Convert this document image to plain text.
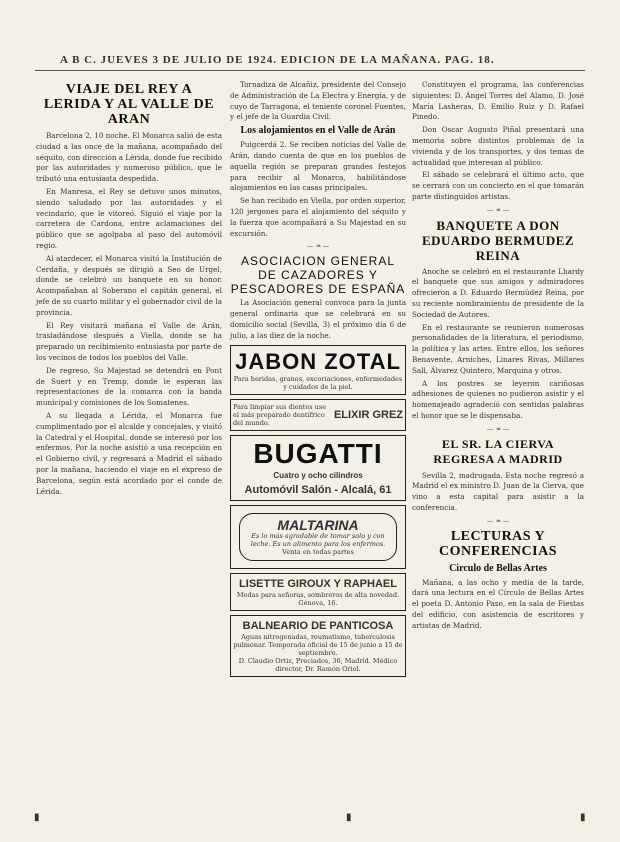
A B C. JUEVES 3 DE JULIO DE 1924. EDICION DE LA MAÑANA. PAG. 18.
VIAJE DEL REY A LERIDA Y AL VALLE DE ARAN

Barcelona 2, 10 noche. El Monarca salió de esta ciudad a las once de la mañana, acompañado del séquito, con dirección a Lérida, donde fue recibido por las autoridades y numeroso público, que le tributó una entusiasta despedida.

En Manresa, el Rey se detuvo unos minutos, siendo saludado por las autoridades y el vecindario, que le vitoreó. Siguió el viaje por la carretera de Cardona, entre aclamaciones del público que se agolpaba al paso del automóvil regio.

Al atardecer, el Monarca visitó la Institución de Cerdaña, y después se dirigió a Seo de Urgel, donde se celebró un banquete en su honor. Acompañaban al Soberano el capitán general, el jefe de su cuarto militar y el gobernador civil de la provincia.

El Rey visitará mañana el Valle de Arán, trasladándose después a Viella, donde se ha preparado un recibimiento entusiasta por parte de los vecinos de todos los pueblos del Valle.

De regreso, Su Majestad se detendrá en Pont de Suert y en Tremp, donde le esperan las representaciones de la comarca con la banda municipal y comisiones de los Somatenes.

A su llegada a Lérida, el Monarca fue cumplimentado por el alcalde y concejales, y visitó la Catedral y el Hospital, donde se interesó por los enfermos. Por la noche asistió a una recepción en el Gobierno civil, y regresará a Madrid el sábado por la mañana, haciendo el viaje en el expreso de Barcelona, según está acordado por el conde de Lérida.

Tornadiza de Alcañiz, presidente del Consejo de Administración de La Electra y Energía, y de cuyo de Tarragona, el teniente coronel Fuentes, y el jefe de la Guardia Civil.

Los alojamientos en el Valle de Arán

Puigcerdá 2. Se reciben noticias del Valle de Arán, dando cuenta de que en los pueblos de aquella región se preparan grandes festejos para recibir al Monarca, habilitándose alojamientos en las casas principales.

Se han recibido en Viella, por orden superior, 120 jergones para el alojamiento del séquito y la fuerza que acompañará a Su Majestad en su excursión.

— ❧ —
ASOCIACION GENERAL DE CAZADORES Y PESCADORES DE ESPAÑA

La Asociación general convoca para la junta general ordinaria que se celebrará en su domicilio social (Sevilla, 3) el próximo día 6 de julio, a las diez de la noche.

JABON ZOTAL
Para heridas, granos, excoriaciones, enfermedades y cuidados de la piel.
Para limpiar sus dientes use el más preparado dentífrico del mundo.
ELIXIR GREZ
BUGATTI
Cuatro y ocho cilindros
Automóvil Salón - Alcalá, 61
MALTARINA
Es lo más agradable de tomar solo y con leche. Es un alimento para los enfermos.
Venta en todas partes
LISETTE GIROUX Y RAPHAEL
Modas para señoras, sombreros de alta novedad. Génova, 16.
BALNEARIO DE PANTICOSA
Aguas nitrogenadas, reumatismo, tuberculosis pulmonar. Temporada oficial de 15 de junio a 15 de septiembre.
D. Claudio Ortiz, Preciados, 36, Madrid. Médico director, Dr. Ramón Oriol.

Constituyen el programa, las conferencias siguientes: D. Ángel Torres del Alamo, D. José María Lasheras, D. Emilio Ruiz y D. Rafael Pinedo.

Don Oscar Augusto Piñal presentará una memoria sobre distintos problemas de la vivienda y de los transportes, y dos temas de actualidad que interesan al público.

El sábado se celebrará el último acto, que se cerrará con un concierto en el que tomarán parte distinguidos artistas.

— ❧ —
BANQUETE A DON EDUARDO BERMUDEZ REINA

Anoche se celebró en el restaurante Lhardy el banquete que sus amigos y admiradores ofrecieron a D. Eduardo Bermúdez Reina, por su reciente nombramiento de presidente de la Sociedad de Autores.

En el restaurante se reunieron numerosas personalidades de la literatura, el periodismo, la política y las artes. Entre ellos, los señores Benavente, Arniches, Linares Rivas, Millares Sall, Álvarez Quintero, Marquina y otros.

A los postres se leyeron cariñosas adhesiones de quienes no pudieron asistir y el homenajeado agradeció con sentidas palabras el honor que se le dispensaba.

— ❧ —
EL SR. LA CIERVA REGRESA A MADRID

Sevilla 2, madrugada. Esta noche regresó a Madrid el ex ministro D. Juan de la Cierva, que vino a esta capital para asistir a la conferencia.

— ❧ —
LECTURAS Y CONFERENCIAS
Circulo de Bellas Artes

Mañana, a las ocho y media de la tarde, dará una lectura en el Círculo de Bellas Artes el poeta D. Antonio Paso, en la sala de Fiestas del edificio, con asistencia de escritores y artistas de Madrid.

▮	▮	▮
